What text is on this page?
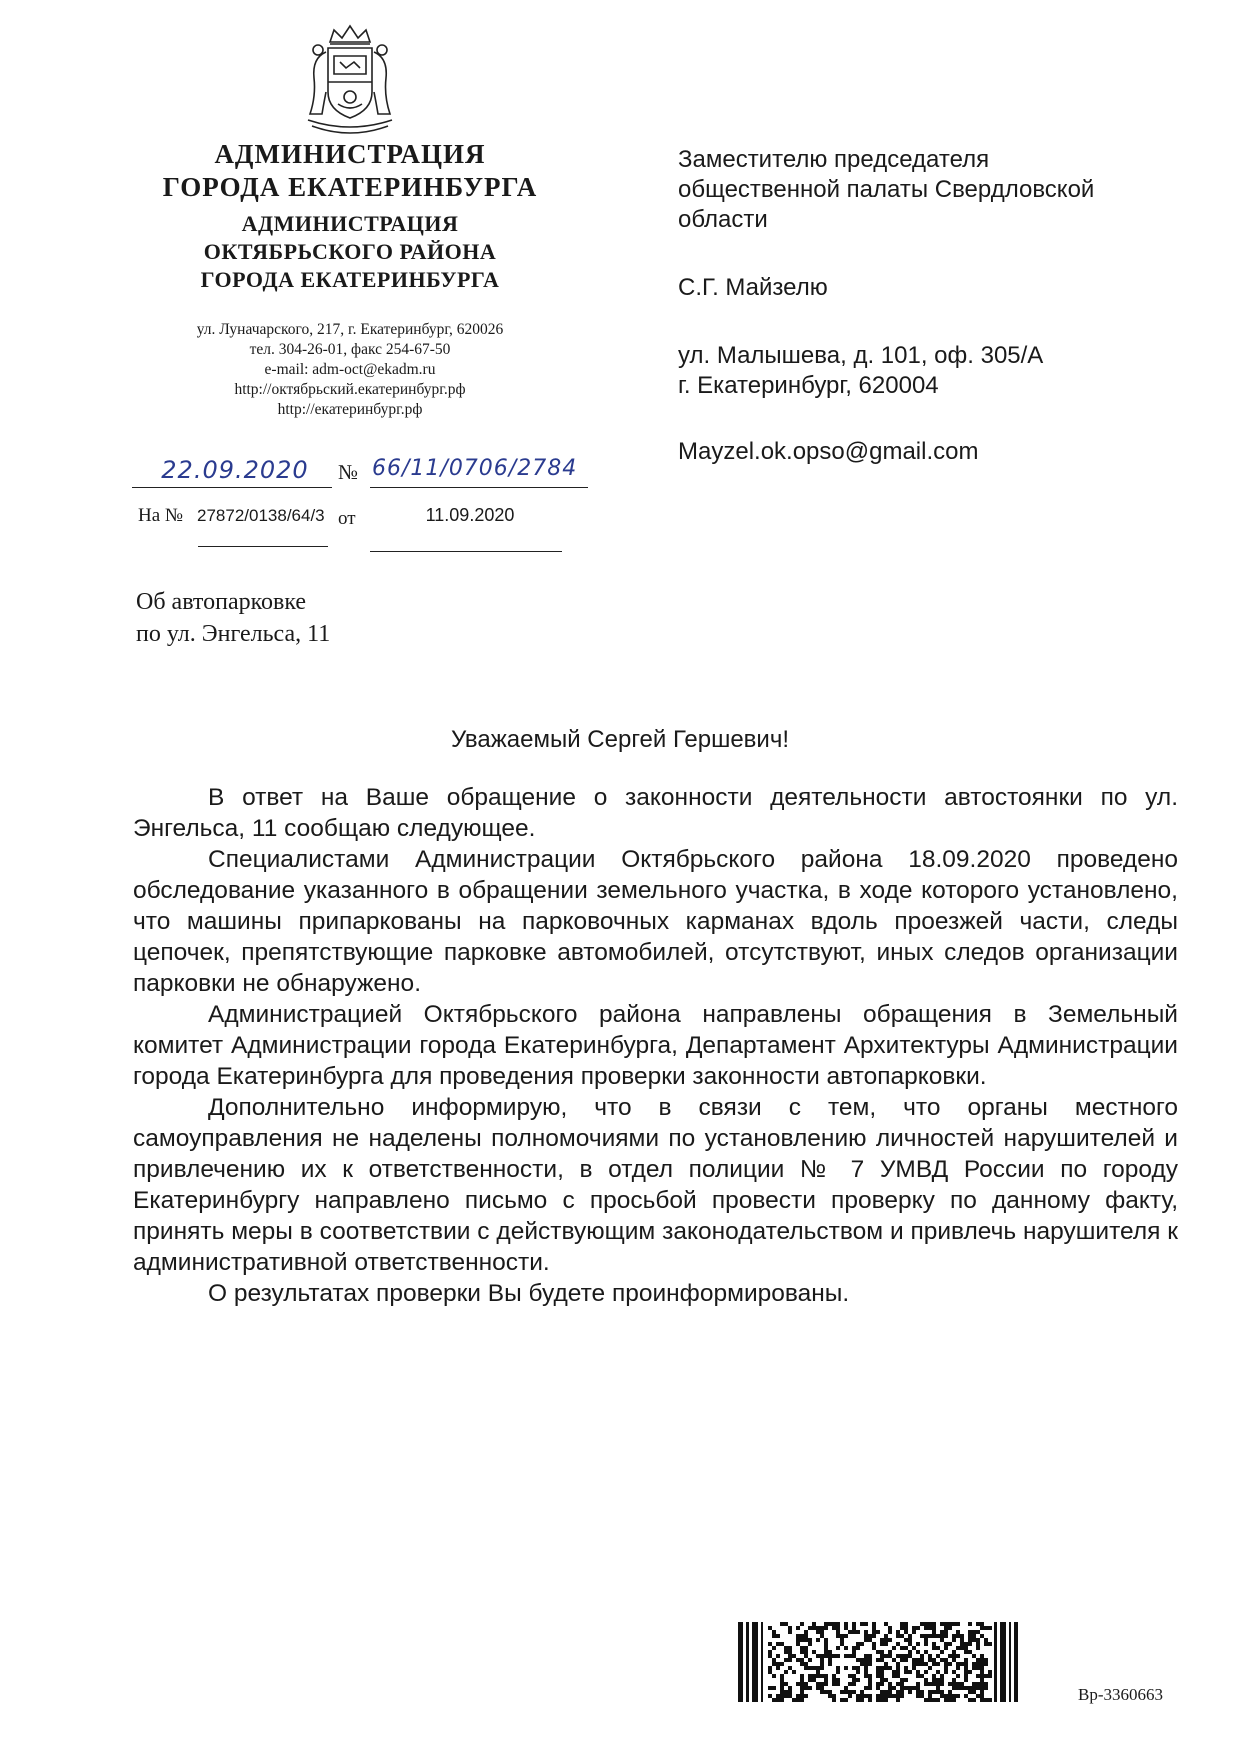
АДМИНИСТРАЦИЯ
ГОРОДА ЕКАТЕРИНБУРГА
АДМИНИСТРАЦИЯ
ОКТЯБРЬСКОГО РАЙОНА
ГОРОДА ЕКАТЕРИНБУРГА
ул. Луначарского, 217, г. Екатеринбург, 620026
тел. 304-26-01, факс 254-67-50
e-mail: adm-oct@ekadm.ru
http://октябрьский.екатеринбург.рф
http://екатеринбург.рф
Заместителю председателя
общественной палаты Свердловской
области
С.Г. Майзелю
ул. Малышева, д. 101, оф. 305/А
г. Екатеринбург, 620004
Mayzel.ok.opso@gmail.com
22.09.2020	№ 66/11/0706/2784
На № 27872/0138/64/3 от	11.09.2020
Об автопарковке
по ул. Энгельса, 11
Уважаемый Сергей Гершевич!

В ответ на Ваше обращение о законности деятельности автостоянки по ул. Энгельса, 11 сообщаю следующее.

Специалистами Администрации Октябрьского района 18.09.2020 проведено обследование указанного в обращении земельного участка, в ходе которого установлено, что машины припаркованы на парковочных карманах вдоль проезжей части, следы цепочек, препятствующие парковке автомобилей, отсутствуют, иных следов организации парковки не обнаружено.

Администрацией Октябрьского района направлены обращения в Земельный комитет Администрации города Екатеринбурга, Департамент Архитектуры Администрации города Екатеринбурга для проведения проверки законности автопарковки.

Дополнительно информирую, что в связи с тем, что органы местного самоуправления не наделены полномочиями по установлению личностей нарушителей и привлечению их к ответственности, в отдел полиции № 7 УМВД России по городу Екатеринбургу направлено письмо с просьбой провести проверку по данному факту, принять меры в соответствии с действующим законодательством и привлечь нарушителя к административной ответственности.

О результатах проверки Вы будете проинформированы.

Вр-3360663
